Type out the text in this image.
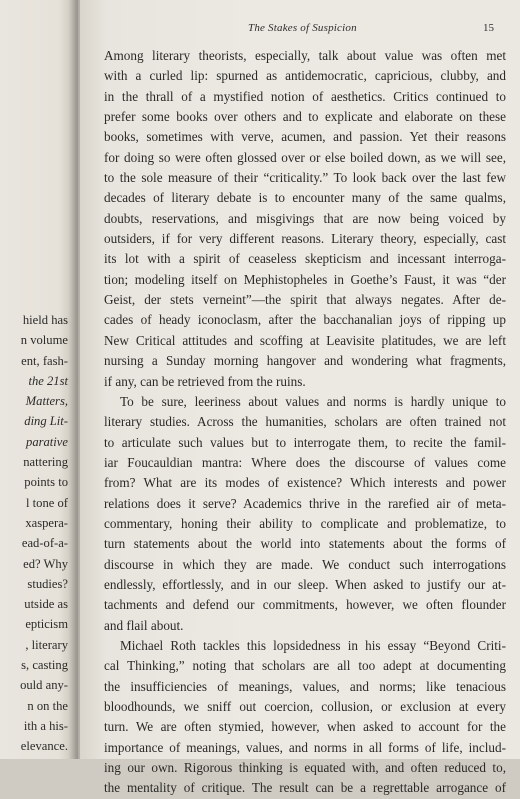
hield has
n volume
ent, fash-
the 21st
Matters,
ding Lit-
parative
nattering
points to
l tone of
xaspera-
ead-of-a-
ed? Why
studies?
utside as
epticism
, literary
s, casting
ould any-
n on the
ith a his-
elevance.
The Stakes of Suspicion	15
Among literary theorists, especially, talk about value was often met
with a curled lip: spurned as antidemocratic, capricious, clubby, and
in the thrall of a mystified notion of aesthetics. Critics continued to
prefer some books over others and to explicate and elaborate on these
books, sometimes with verve, acumen, and passion. Yet their reasons
for doing so were often glossed over or else boiled down, as we will see,
to the sole measure of their “criticality.” To look back over the last few
decades of literary debate is to encounter many of the same qualms,
doubts, reservations, and misgivings that are now being voiced by
outsiders, if for very different reasons. Literary theory, especially, cast
its lot with a spirit of ceaseless skepticism and incessant interroga-
tion; modeling itself on Mephistopheles in Goethe’s Faust, it was “der
Geist, der stets verneint”—the spirit that always negates. After de-
cades of heady iconoclasm, after the bacchanalian joys of ripping up
New Critical attitudes and scoffing at Leavisite platitudes, we are left
nursing a Sunday morning hangover and wondering what fragments,
if any, can be retrieved from the ruins.
To be sure, leeriness about values and norms is hardly unique to
literary studies. Across the humanities, scholars are often trained not
to articulate such values but to interrogate them, to recite the famil-
iar Foucauldian mantra: Where does the discourse of values come
from? What are its modes of existence? Which interests and power
relations does it serve? Academics thrive in the rarefied air of meta-
commentary, honing their ability to complicate and problematize, to
turn statements about the world into statements about the forms of
discourse in which they are made. We conduct such interrogations
endlessly, effortlessly, and in our sleep. When asked to justify our at-
tachments and defend our commitments, however, we often flounder
and flail about.
Michael Roth tackles this lopsidedness in his essay “Beyond Criti-
cal Thinking,” noting that scholars are all too adept at documenting
the insufficiencies of meanings, values, and norms; like tenacious
bloodhounds, we sniff out coercion, collusion, or exclusion at every
turn. We are often stymied, however, when asked to account for the
importance of meanings, values, and norms in all forms of life, includ-
ing our own. Rigorous thinking is equated with, and often reduced to,
the mentality of critique. The result can be a regrettable arrogance of
